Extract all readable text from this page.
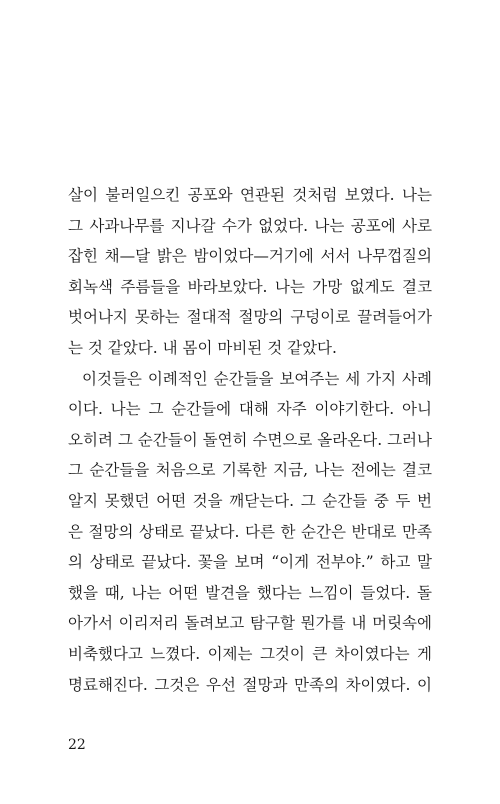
살이 불러일으킨 공포와 연관된 것처럼 보였다. 나는
그 사과나무를 지나갈 수가 없었다. 나는 공포에 사로
잡힌 채—달 밝은 밤이었다—거기에 서서 나무껍질의
회녹색 주름들을 바라보았다. 나는 가망 없게도 결코
벗어나지 못하는 절대적 절망의 구덩이로 끌려들어가
는 것 같았다. 내 몸이 마비된 것 같았다.
이것들은 이례적인 순간들을 보여주는 세 가지 사례
이다. 나는 그 순간들에 대해 자주 이야기한다. 아니
오히려 그 순간들이 돌연히 수면으로 올라온다. 그러나
그 순간들을 처음으로 기록한 지금, 나는 전에는 결코
알지 못했던 어떤 것을 깨닫는다. 그 순간들 중 두 번
은 절망의 상태로 끝났다. 다른 한 순간은 반대로 만족
의 상태로 끝났다. 꽃을 보며 “이게 전부야.” 하고 말
했을 때, 나는 어떤 발견을 했다는 느낌이 들었다. 돌
아가서 이리저리 돌려보고 탐구할 뭔가를 내 머릿속에
비축했다고 느꼈다. 이제는 그것이 큰 차이였다는 게
명료해진다. 그것은 우선 절망과 만족의 차이였다. 이
22
